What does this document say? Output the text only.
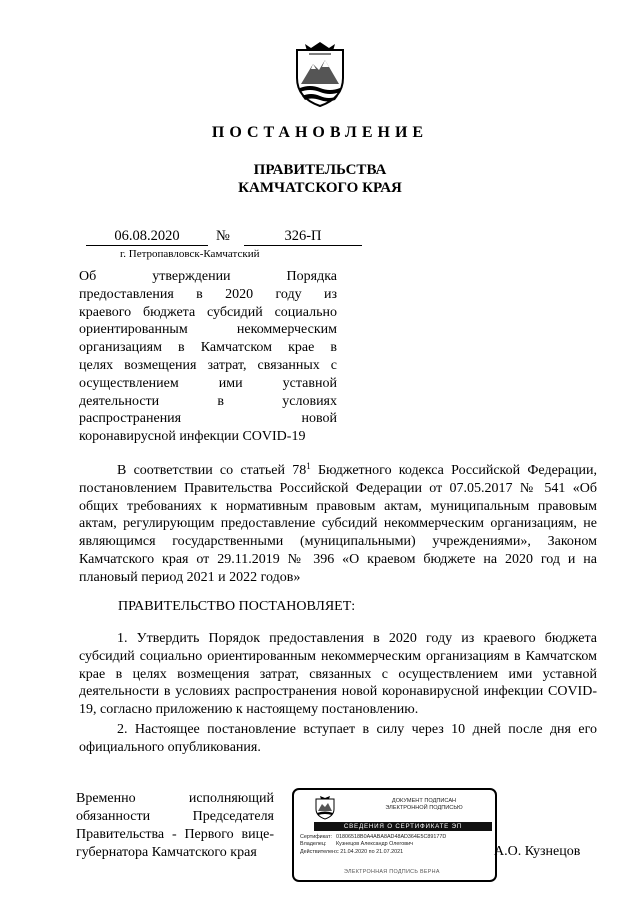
ПОСТАНОВЛЕНИЕ
ПРАВИТЕЛЬСТВА
КАМЧАТСКОГО КРАЯ
06.08.2020	№	326-П
г. Петропавловск-Камчатский
Об утверждении Порядка
предоставления в 2020 году из
краевого бюджета субсидий социально
ориентированным некоммерческим
организациям в Камчатском крае в
целях возмещения затрат, связанных с
осуществлением ими уставной
деятельности в условиях
распространения новой
коронавирусной инфекции COVID-19
В соответствии со статьей $78^1$ Бюджетного кодекса Российской Федерации, постановлением Правительства Российской Федерации от 07.05.2017 № 541 «Об общих требованиях к нормативным правовым актам, муниципальным правовым актам, регулирующим предоставление субсидий некоммерческим организациям, не являющимся государственными (муниципальными) учреждениями», Законом Камчатского края от 29.11.2019 № 396 «О краевом бюджете на 2020 год и на плановый период 2021 и 2022 годов»
ПРАВИТЕЛЬСТВО ПОСТАНОВЛЯЕТ:
1. Утвердить Порядок предоставления в 2020 году из краевого бюджета субсидий социально ориентированным некоммерческим организациям в Камчатском крае в целях возмещения затрат, связанных с осуществлением ими уставной деятельности в условиях распространения новой коронавирусной инфекции COVID-19, согласно приложению к настоящему постановлению.
2. Настоящее постановление вступает в силу через 10 дней после дня его официального опубликования.
Временно исполняющий
обязанности Председателя
Правительства - Первого вице-
губернатора Камчатского края
ДОКУМЕНТ ПОДПИСАН
ЭЛЕКТРОННОЙ ПОДПИСЬЮ
СВЕДЕНИЯ О СЕРТИФИКАТЕ ЭП
Сертификат: 01806518B0A4ABA8AD48AD364E5C89177D
Владелец: Кузнецов Александр Олегович
Действителен:с 21.04.2020 по 21.07.2021
ЭЛЕКТРОННАЯ ПОДПИСЬ ВЕРНА
А.О. Кузнецов
